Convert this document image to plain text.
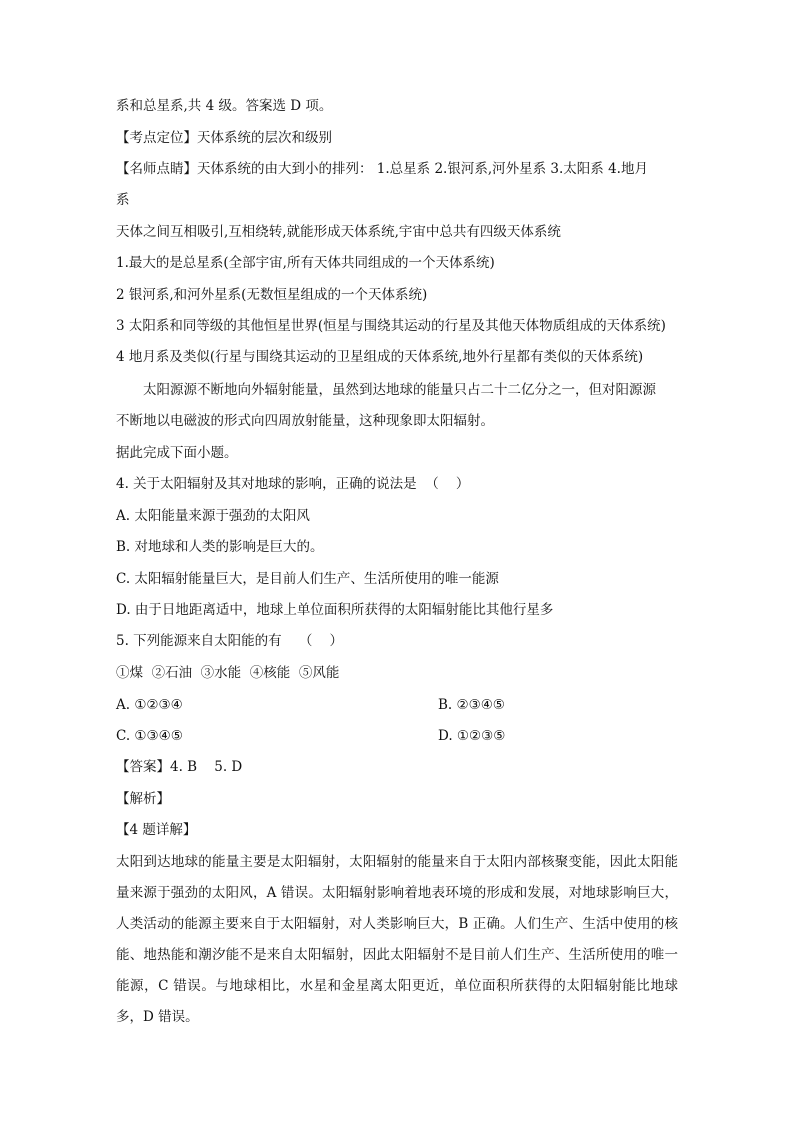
系和总星系,共 4 级。答案选 D 项。
【考点定位】天体系统的层次和级别
【名师点睛】天体系统的由大到小的排列： 1.总星系 2.银河系,河外星系 3.太阳系 4.地月
系
天体之间互相吸引,互相绕转,就能形成天体系统,宇宙中总共有四级天体系统
1.最大的是总星系(全部宇宙,所有天体共同组成的一个天体系统)
2 银河系,和河外星系(无数恒星组成的一个天体系统)
3 太阳系和同等级的其他恒星世界(恒星与围绕其运动的行星及其他天体物质组成的天体系统)
4 地月系及类似(行星与围绕其运动的卫星组成的天体系统,地外行星都有类似的天体系统)
　　太阳源源不断地向外辐射能量，虽然到达地球的能量只占二十二亿分之一，但对阳源源
不断地以电磁波的形式向四周放射能量，这种现象即太阳辐射。
据此完成下面小题。
4. 关于太阳辐射及其对地球的影响，正确的说法是  （    ）
A. 太阳能量来源于强劲的太阳风
B. 对地球和人类的影响是巨大的。
C. 太阳辐射能量巨大，是目前人们生产、生活所使用的唯一能源
D. 由于日地距离适中，地球上单位面积所获得的太阳辐射能比其他行星多
5. 下列能源来自太阳能的有    （    ）
①煤  ②石油  ③水能  ④核能  ⑤风能
A. ①②③④	B. ②③④⑤
C. ①③④⑤	D. ①②③⑤
【答案】4. B    5. D
【解析】
【4 题详解】
太阳到达地球的能量主要是太阳辐射，太阳辐射的能量来自于太阳内部核聚变能，因此太阳能量来源于强劲的太阳风，A 错误。太阳辐射影响着地表环境的形成和发展，对地球影响巨大，人类活动的能源主要来自于太阳辐射，对人类影响巨大，B 正确。人们生产、生活中使用的核能、地热能和潮汐能不是来自太阳辐射，因此太阳辐射不是目前人们生产、生活所使用的唯一能源，C 错误。与地球相比，水星和金星离太阳更近，单位面积所获得的太阳辐射能比地球多，D 错误。
